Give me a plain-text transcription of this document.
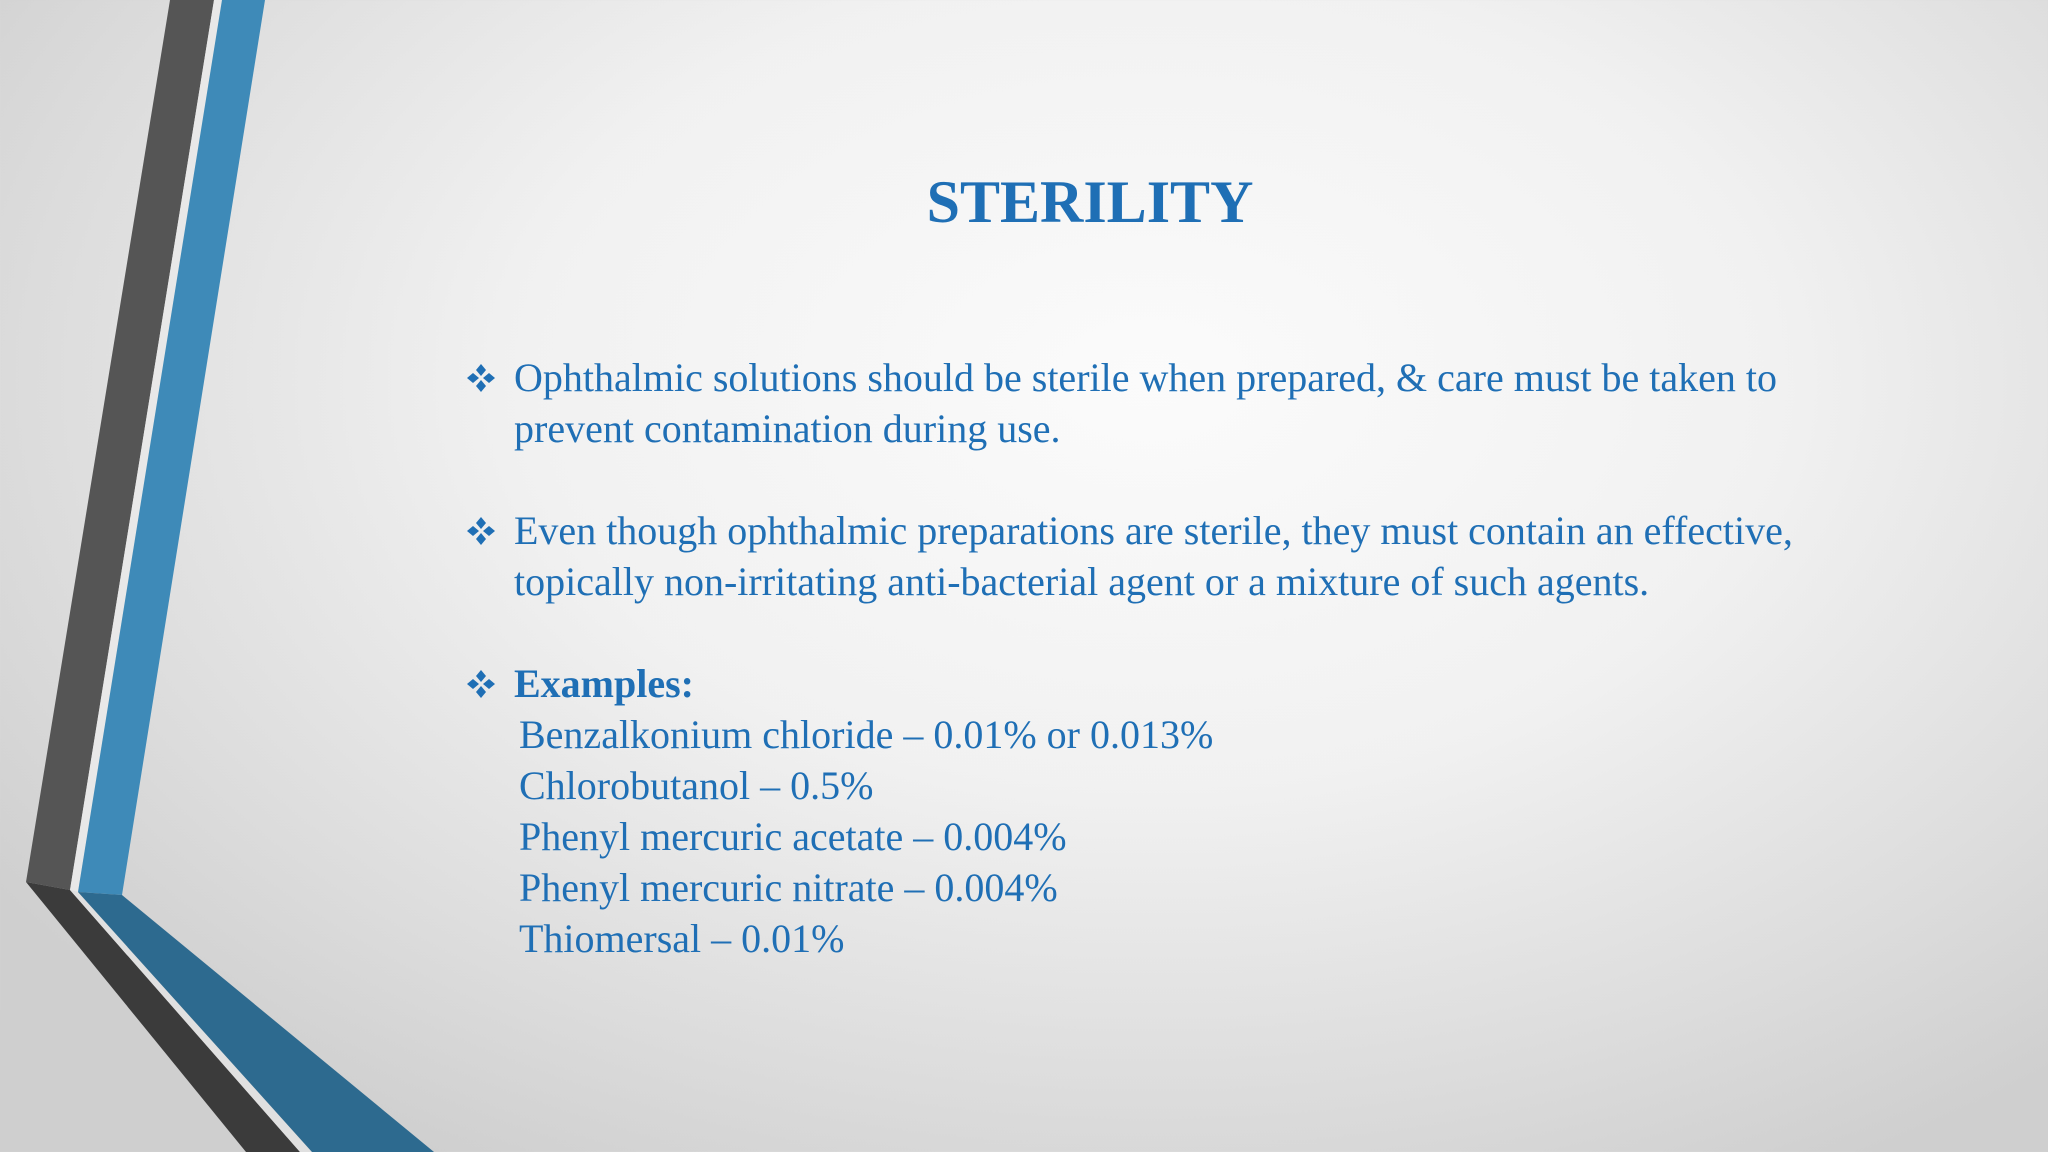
STERILITY
Ophthalmic solutions should be sterile when prepared, & care must be taken to prevent contamination during use.
Even though ophthalmic preparations are sterile, they must contain an effective, topically non-irritating anti-bacterial agent or a mixture of such agents.
Examples:
Benzalkonium chloride – 0.01% or 0.013%
Chlorobutanol – 0.5%
Phenyl mercuric acetate – 0.004%
Phenyl mercuric nitrate – 0.004%
Thiomersal – 0.01%
